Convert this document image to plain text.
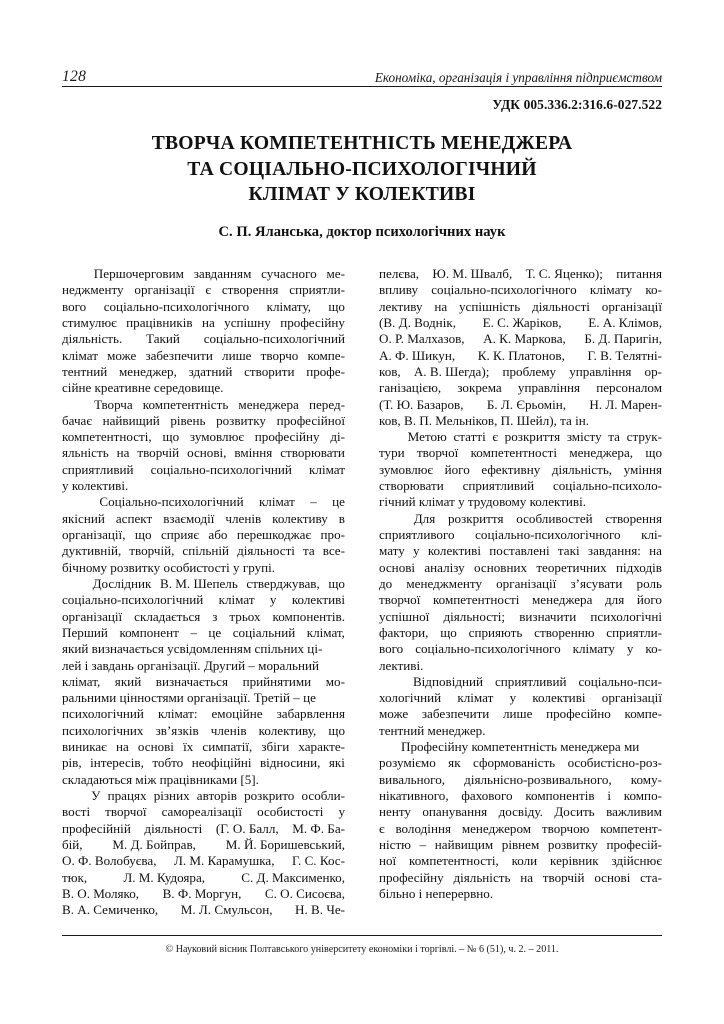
128	Економіка, організація і управління підприємством
УДК 005.336.2:316.6-027.522
ТВОРЧА КОМПЕТЕНТНІСТЬ МЕНЕДЖЕРА
ТА СОЦІАЛЬНО-ПСИХОЛОГІЧНИЙ
КЛІМАТ У КОЛЕКТИВІ
С. П. Яланська, доктор психологічних наук

Першочерговим завданням сучасного ме-
неджменту організації є створення сприятли-
вого соціально-психологічного клімату, що
стимулює працівників на успішну професійну
діяльність. Такий соціально-психологічний
клімат може забезпечити лише творчо компе-
тентний менеджер, здатний створити профе-
сійне креативне середовище.

Творча компетентність менеджера перед-
бачає найвищий рівень розвитку професійної
компетентності, що зумовлює професійну ді-
яльність на творчій основі, вміння створювати
сприятливий соціально-психологічний клімат
у колективі.

Соціально-психологічний клімат – це
якісний аспект взаємодії членів колективу в
організації, що сприяє або перешкоджає про-
дуктивній, творчій, спільній діяльності та все-
бічному розвитку особистості у групі.

Дослідник В. М. Шепель стверджував, що
соціально-психологічний клімат у колективі
організації складається з трьох компонентів.
Перший компонент – це соціальний клімат,
який визначається усвідомленням спільних ці-
лей і завдань організації. Другий – моральний
клімат, який визначається прийнятими мо-
ральними цінностями організації. Третій – це
психологічний клімат: емоційне забарвлення
психологічних зв’язків членів колективу, що
виникає на основі їх симпатії, збіги характе-
рів, інтересів, тобто неофіційні відносини, які
складаються між працівниками [5].

У працях різних авторів розкрито особли-
вості творчої самореалізації особистості у
професійній діяльності (Г. О. Балл, М. Ф. Ба-
бій, М. Д. Бойправ, М. Й. Боришевський,
О. Ф. Волобуєва, Л. М. Карамушка, Г. С. Кос-
тюк,	Л. М. Кудояра,	С. Д. Максименко,
В. О. Моляко, В. Ф. Моргун, С. О. Сисоєва,
В. А. Семиченко, М. Л. Смульсон, Н. В. Че-

пелєва, Ю. М. Швалб, Т. С. Яценко); питання
впливу соціально-психологічного клімату ко-
лективу на успішність діяльності організації
(В. Д. Воднік, Е. С. Жаріков, Е. А. Клімов,
О. Р. Малхазов, А. К. Маркова, Б. Д. Паригін,
А. Ф. Шикун, К. К. Платонов, Г. В. Телятні-
ков, А. В. Шегда); проблему управління ор-
ганізацією, зокрема управління персоналом
(Т. Ю. Базаров, Б. Л. Єрьомін, Н. Л. Марен-
ков, В. П. Мельніков, П. Шейл), та ін.

Метою статті є розкриття змісту та струк-
тури творчої компетентності менеджера, що
зумовлює його ефективну діяльність, уміння
створювати сприятливий соціально-психоло-
гічний клімат у трудовому колективі.

Для розкриття особливостей створення
сприятливого соціально-психологічного клі-
мату у колективі поставлені такі завдання: на
основі аналізу основних теоретичних підходів
до менеджменту організації з’ясувати роль
творчої компетентності менеджера для його
успішної діяльності; визначити психологічні
фактори, що сприяють створенню сприятли-
вого соціально-психологічного клімату у ко-
лективі.

Відповідний сприятливий соціально-пси-
хологічний клімат у колективі організації
може забезпечити лише професійно компе-
тентний менеджер.

Професійну компетентність менеджера ми
розуміємо як сформованість особистісно-роз-
вивального, діяльнісно-розвивального, кому-
нікативного, фахового компонентів і компо-
ненту опанування досвіду. Досить важливим
є володіння менеджером творчою компетент-
ністю – найвищим рівнем розвитку професій-
ної компетентності, коли керівник здійснює
професійну діяльність на творчій основі ста-
більно і неперервно.

© Науковий вісник Полтавського університету економіки і торгівлі. – № 6 (51), ч. 2. – 2011.
